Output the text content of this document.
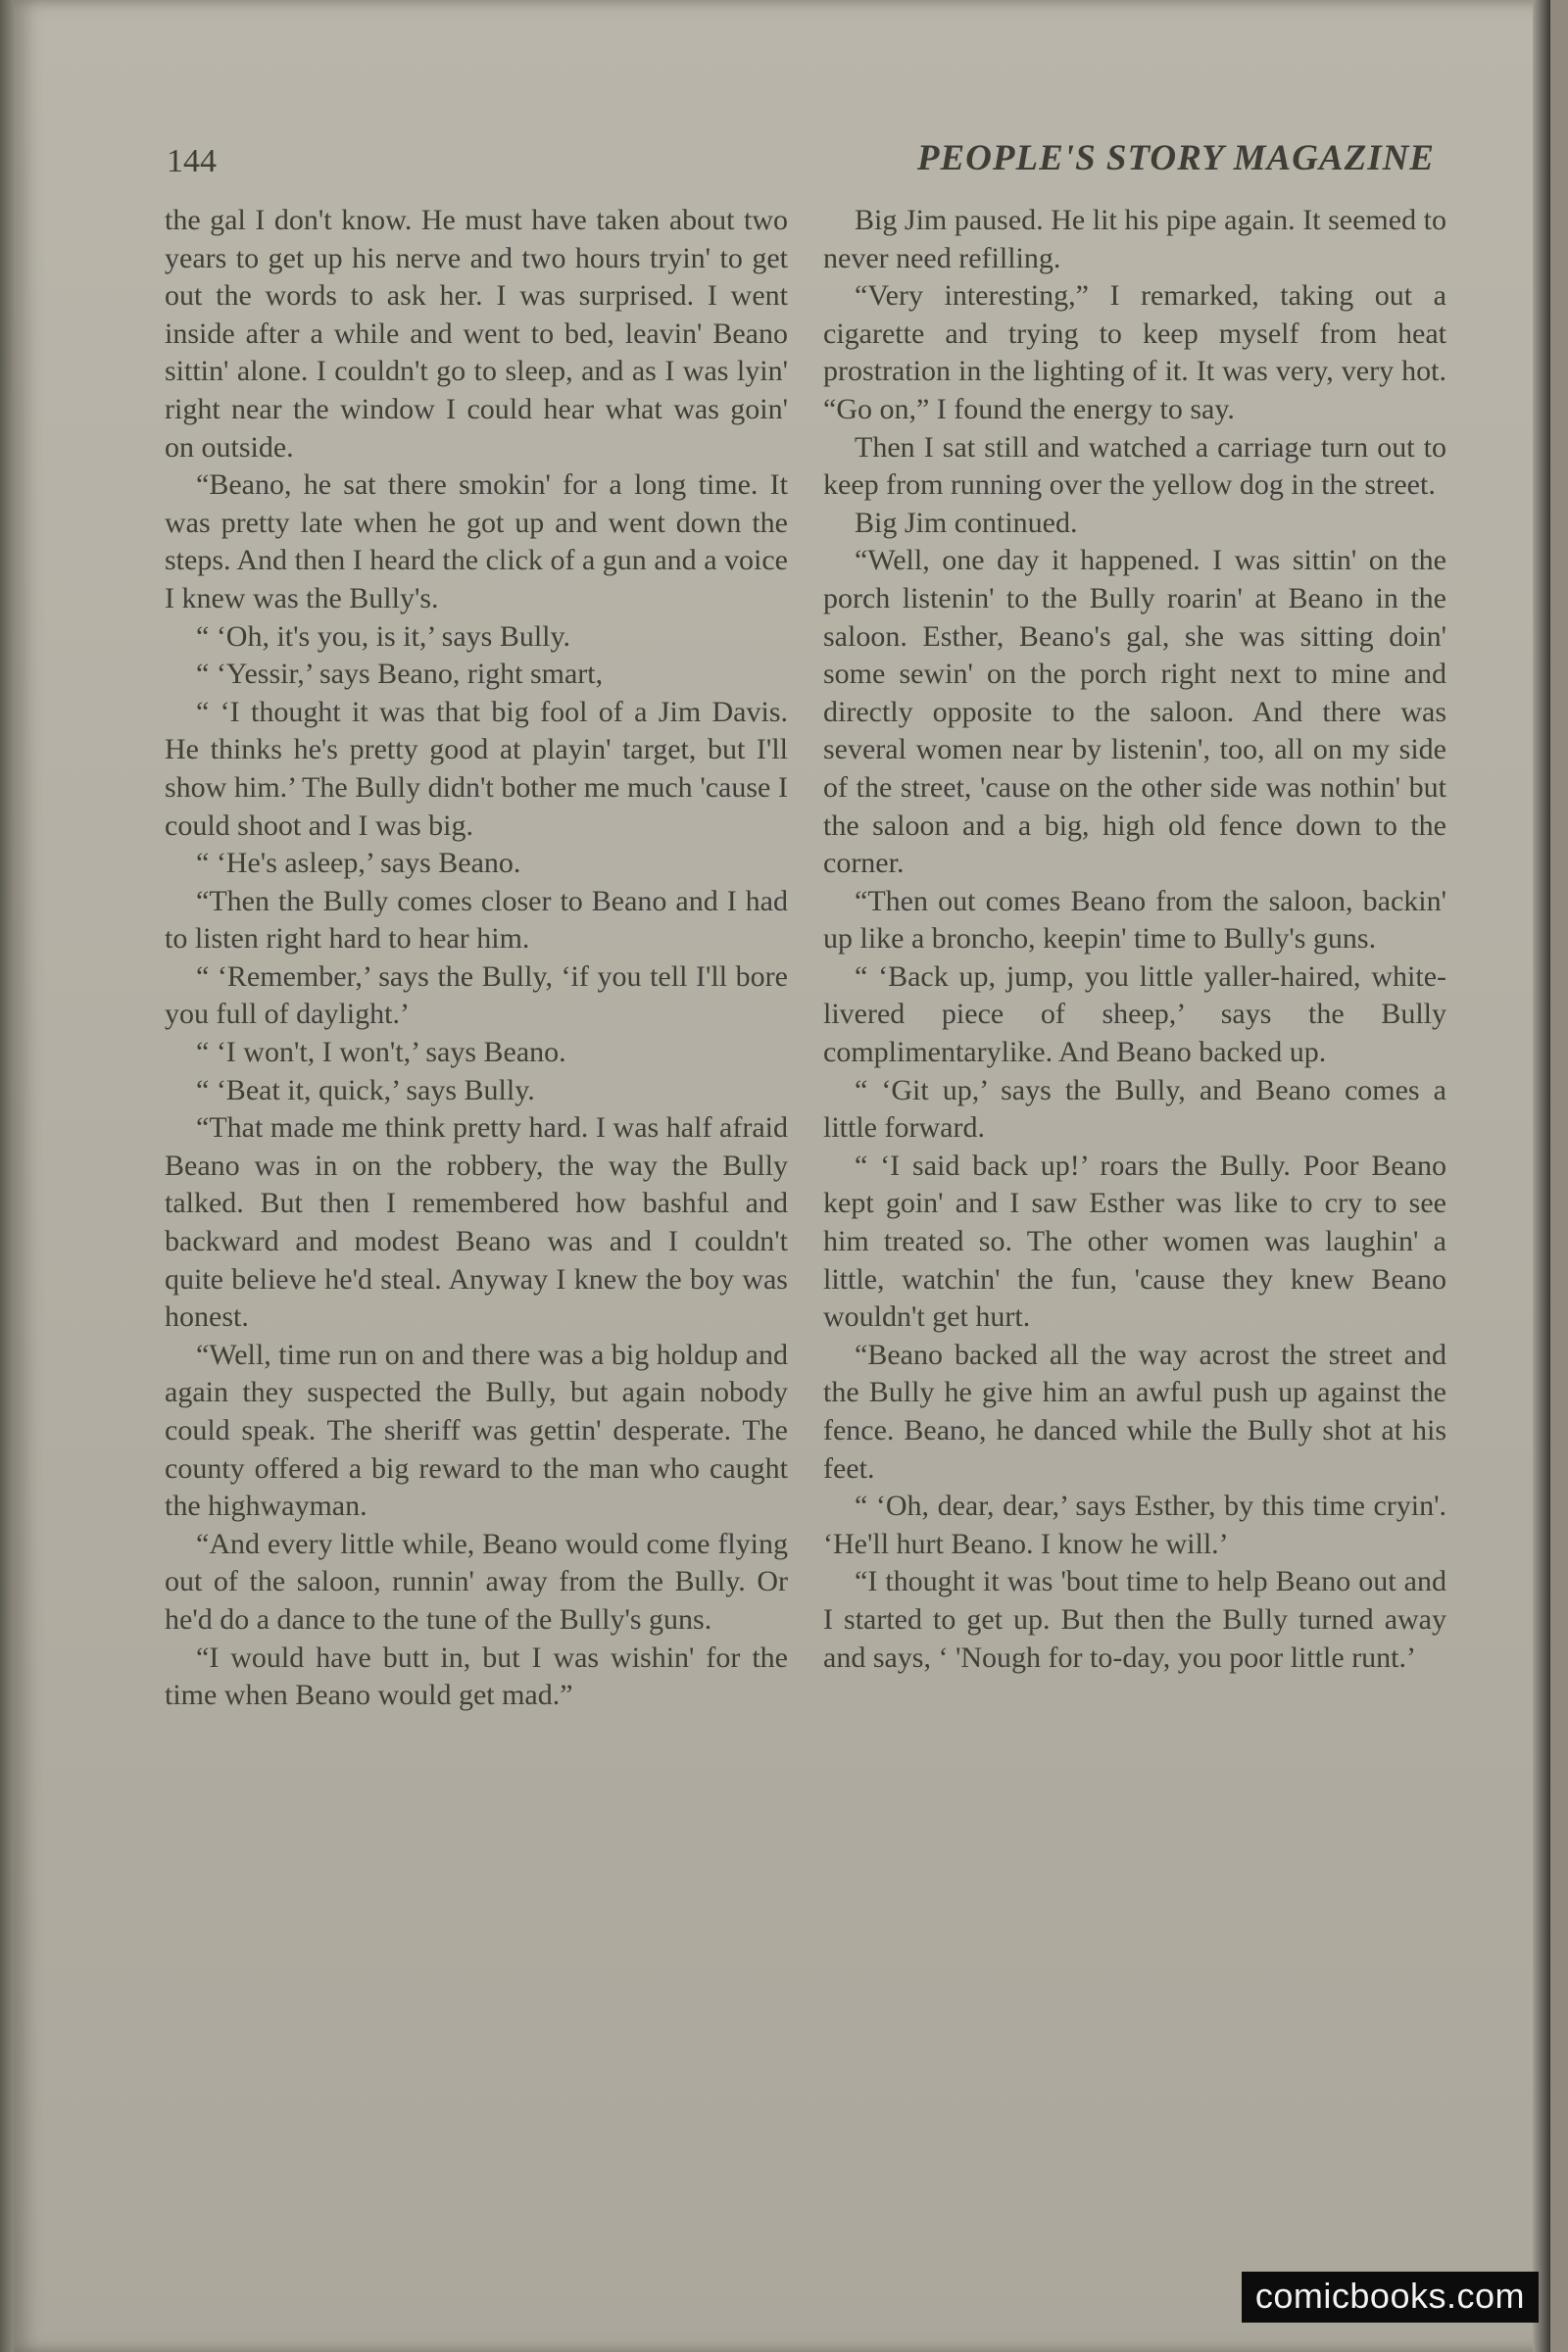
144	PEOPLE'S STORY MAGAZINE

the gal I don't know. He must have taken about two years to get up his nerve and two hours tryin' to get out the words to ask her. I was surprised. I went inside after a while and went to bed, leavin' Beano sittin' alone. I couldn't go to sleep, and as I was lyin' right near the window I could hear what was goin' on outside.

“Beano, he sat there smokin' for a long time. It was pretty late when he got up and went down the steps. And then I heard the click of a gun and a voice I knew was the Bully's.

“ ‘Oh, it's you, is it,’ says Bully.

“ ‘Yessir,’ says Beano, right smart,

“ ‘I thought it was that big fool of a Jim Davis. He thinks he's pretty good at playin' target, but I'll show him.’ The Bully didn't bother me much 'cause I could shoot and I was big.

“ ‘He's asleep,’ says Beano.

“Then the Bully comes closer to Beano and I had to listen right hard to hear him.

“ ‘Remember,’ says the Bully, ‘if you tell I'll bore you full of daylight.’

“ ‘I won't, I won't,’ says Beano.

“ ‘Beat it, quick,’ says Bully.

“That made me think pretty hard. I was half afraid Beano was in on the robbery, the way the Bully talked. But then I remembered how bashful and backward and modest Beano was and I couldn't quite believe he'd steal. Anyway I knew the boy was honest.

“Well, time run on and there was a big holdup and again they suspected the Bully, but again nobody could speak. The sheriff was gettin' desperate. The county offered a big reward to the man who caught the highwayman.

“And every little while, Beano would come flying out of the saloon, runnin' away from the Bully. Or he'd do a dance to the tune of the Bully's guns.

“I would have butt in, but I was wishin' for the time when Beano would get mad.”

Big Jim paused. He lit his pipe again. It seemed to never need refilling.

“Very interesting,” I remarked, taking out a cigarette and trying to keep myself from heat prostration in the lighting of it. It was very, very hot. “Go on,” I found the energy to say.

Then I sat still and watched a carriage turn out to keep from running over the yellow dog in the street.

Big Jim continued.

“Well, one day it happened. I was sittin' on the porch listenin' to the Bully roarin' at Beano in the saloon. Esther, Beano's gal, she was sitting doin' some sewin' on the porch right next to mine and directly opposite to the saloon. And there was several women near by listenin', too, all on my side of the street, 'cause on the other side was nothin' but the saloon and a big, high old fence down to the corner.

“Then out comes Beano from the saloon, backin' up like a broncho, keepin' time to Bully's guns.

“ ‘Back up, jump, you little yaller-haired, white-livered piece of sheep,’ says the Bully complimentarylike. And Beano backed up.

“ ‘Git up,’ says the Bully, and Beano comes a little forward.

“ ‘I said back up!’ roars the Bully. Poor Beano kept goin' and I saw Esther was like to cry to see him treated so. The other women was laughin' a little, watchin' the fun, 'cause they knew Beano wouldn't get hurt.

“Beano backed all the way acrost the street and the Bully he give him an awful push up against the fence. Beano, he danced while the Bully shot at his feet.

“ ‘Oh, dear, dear,’ says Esther, by this time cryin'. ‘He'll hurt Beano. I know he will.’

“I thought it was 'bout time to help Beano out and I started to get up. But then the Bully turned away and says, ‘ 'Nough for to-day, you poor little runt.’

comicbooks.com
